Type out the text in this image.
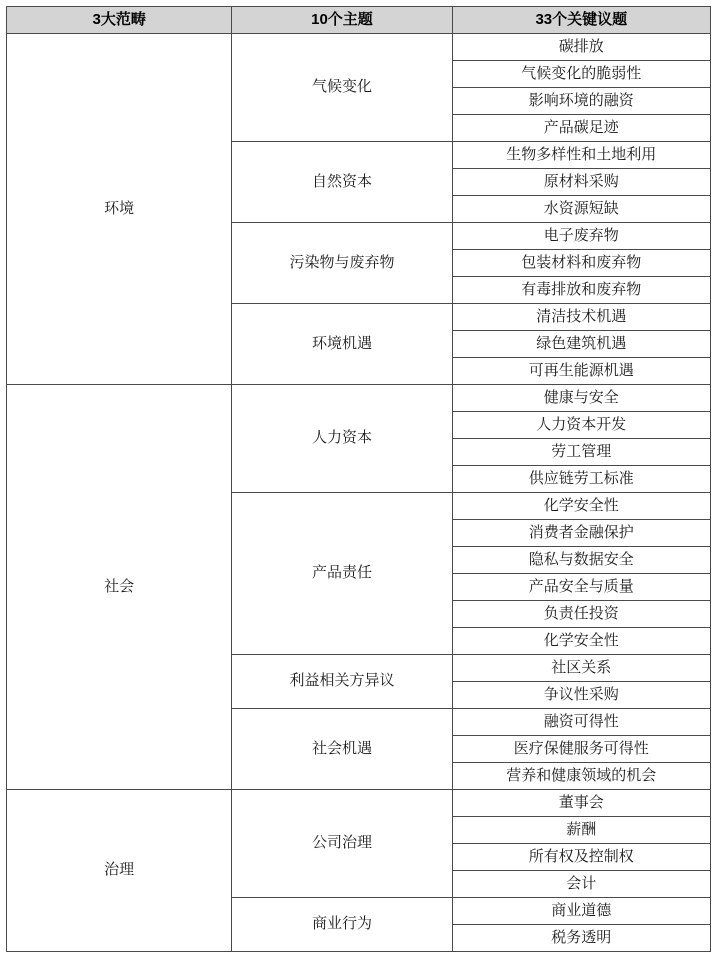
3大范畴	10个主题	33个关键议题
环境	气候变化	碳排放
		气候变化的脆弱性
		影响环境的融资
		产品碳足迹
	自然资本	生物多样性和土地利用
		原材料采购
		水资源短缺
	污染物与废弃物	电子废弃物
		包装材料和废弃物
		有毒排放和废弃物
	环境机遇	清洁技术机遇
		绿色建筑机遇
		可再生能源机遇
社会	人力资本	健康与安全
		人力资本开发
		劳工管理
		供应链劳工标准
	产品责任	化学安全性
		消费者金融保护
		隐私与数据安全
		产品安全与质量
		负责任投资
		化学安全性
	利益相关方异议	社区关系
		争议性采购
	社会机遇	融资可得性
		医疗保健服务可得性
		营养和健康领域的机会
治理	公司治理	董事会
		薪酬
		所有权及控制权
		会计
	商业行为	商业道德
		税务透明
